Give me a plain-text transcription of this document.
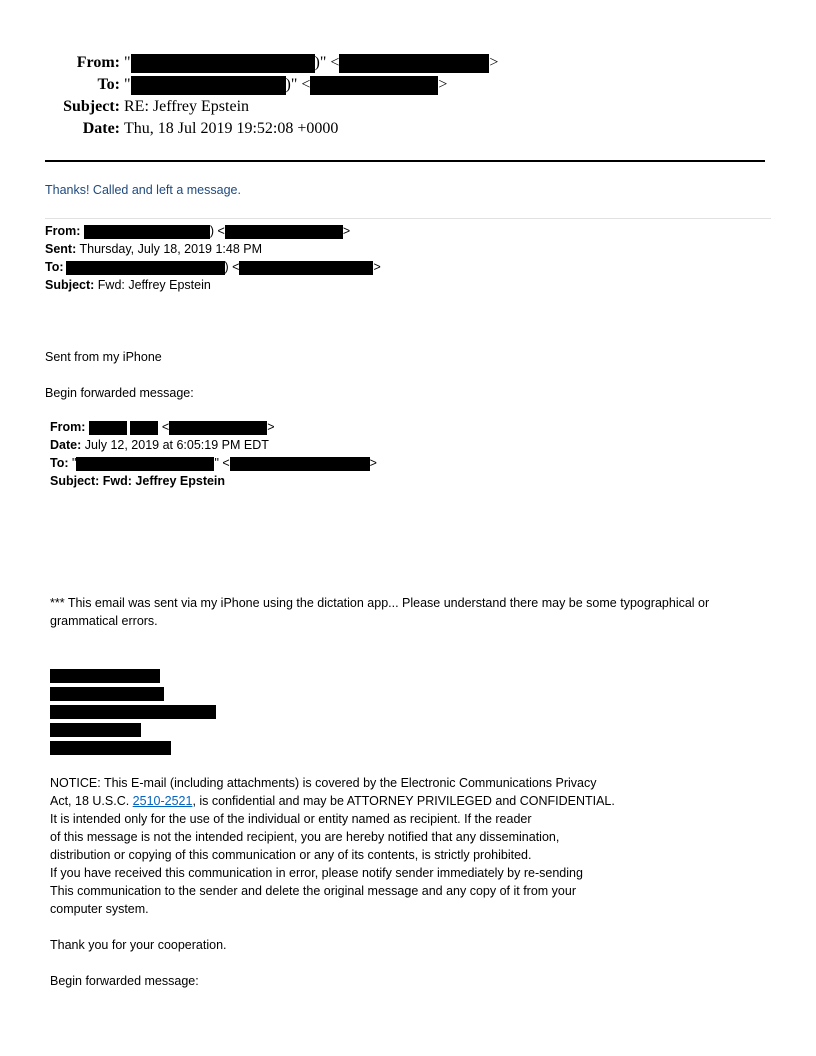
From: "	)" <	>
To: "	)" <	>
Subject: RE: Jeffrey Epstein
Date: Thu, 18 Jul 2019 19:52:08 +0000
Thanks! Called and left a message.
From:	) <	>
Sent: Thursday, July 18, 2019 1:48 PM
To:	) <	>
Subject: Fwd: Jeffrey Epstein
Sent from my iPhone
Begin forwarded message:
From:	<	>
Date: July 12, 2019 at 6:05:19 PM EDT
To: "	" <	>
Subject: Fwd: Jeffrey Epstein
*** This email was sent via my iPhone using the dictation app... Please understand there may be some typographical or
grammatical errors.
NOTICE: This E-mail (including attachments) is covered by the Electronic Communications Privacy
Act, 18 U.S.C. 2510-2521, is confidential and may be ATTORNEY PRIVILEGED and CONFIDENTIAL.
It is intended only for the use of the individual or entity named as recipient. If the reader
of this message is not the intended recipient, you are hereby notified that any dissemination,
distribution or copying of this communication or any of its contents, is strictly prohibited.
If you have received this communication in error, please notify sender immediately by re-sending
This communication to the sender and delete the original message and any copy of it from your
computer system.
Thank you for your cooperation.
Begin forwarded message:
